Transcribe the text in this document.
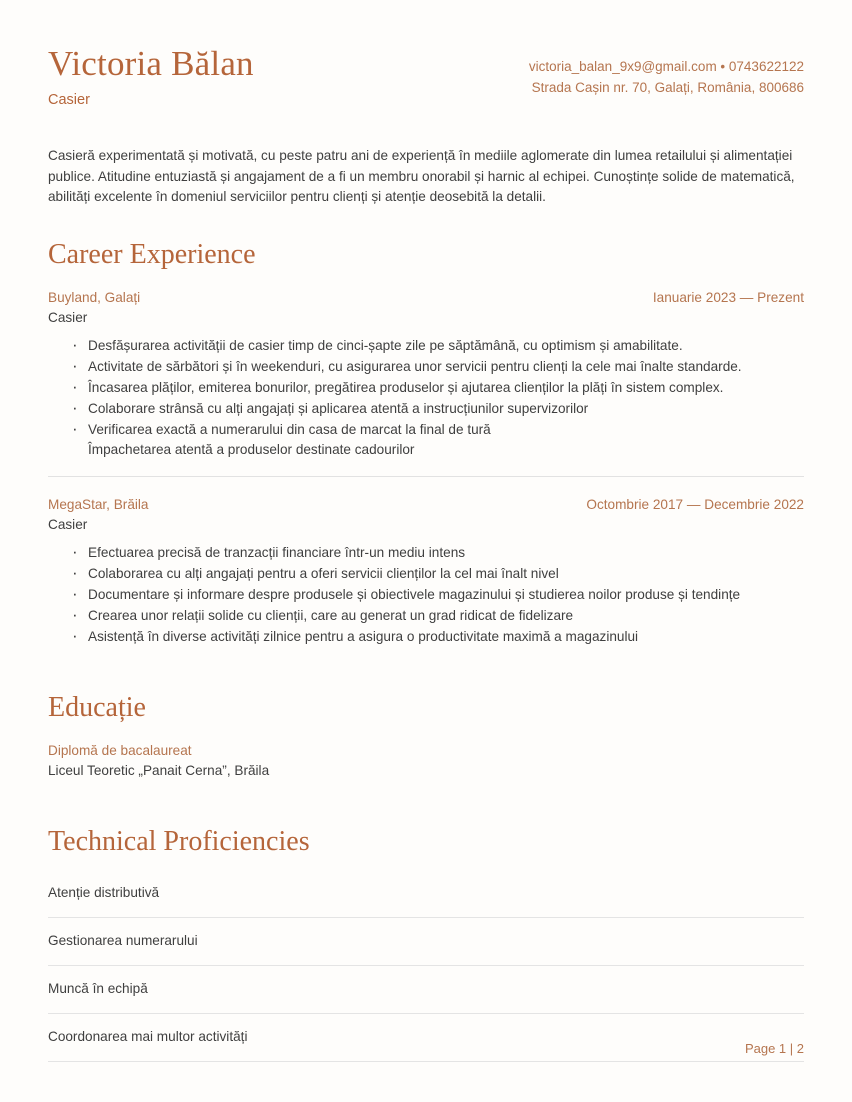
Victoria Bălan
Casier
victoria_balan_9x9@gmail.com • 0743622122
Strada Cașin nr. 70, Galați, România, 800686
Casieră experimentată și motivată, cu peste patru ani de experiență în mediile aglomerate din lumea retailului și alimentației publice. Atitudine entuziastă și angajament de a fi un membru onorabil și harnic al echipei. Cunoștințe solide de matematică, abilități excelente în domeniul serviciilor pentru clienți și atenție deosebită la detalii.
Career Experience
Buyland, Galați	Ianuarie 2023 — Prezent
Casier
· Desfășurarea activității de casier timp de cinci-șapte zile pe săptămână, cu optimism și amabilitate.
· Activitate de sărbători și în weekenduri, cu asigurarea unor servicii pentru clienți la cele mai înalte standarde.
· Încasarea plăților, emiterea bonurilor, pregătirea produselor și ajutarea clienților la plăți în sistem complex.
· Colaborare strânsă cu alți angajați și aplicarea atentă a instrucțiunilor supervizorilor
· Verificarea exactă a numerarului din casa de marcat la final de tură
Împachetarea atentă a produselor destinate cadourilor
MegaStar, Brăila	Octombrie 2017 — Decembrie 2022
Casier
· Efectuarea precisă de tranzacții financiare într-un mediu intens
· Colaborarea cu alți angajați pentru a oferi servicii clienților la cel mai înalt nivel
· Documentare și informare despre produsele și obiectivele magazinului și studierea noilor produse și tendințe
· Crearea unor relații solide cu clienții, care au generat un grad ridicat de fidelizare
· Asistență în diverse activități zilnice pentru a asigura o productivitate maximă a magazinului
Educație
Diplomă de bacalaureat
Liceul Teoretic „Panait Cerna”, Brăila
Technical Proficiencies
Atenție distributivă
Gestionarea numerarului
Muncă în echipă
Coordonarea mai multor activități
Page 1 | 2
